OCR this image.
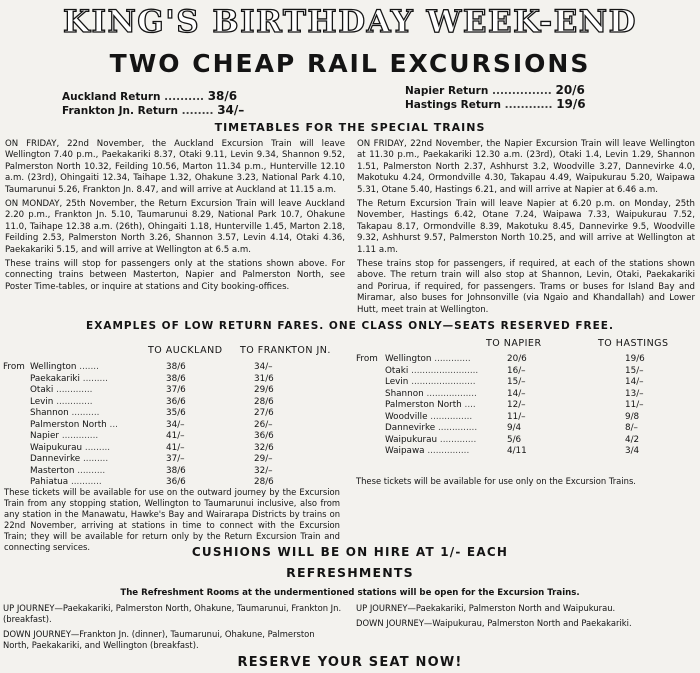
KING'S BIRTHDAY WEEK-END
TWO CHEAP RAIL EXCURSIONS
Auckland Return .......... 38/6
Frankton Jn. Return ........ 34/–
Napier Return ............... 20/6
Hastings Return ............ 19/6
TIMETABLES FOR THE SPECIAL TRAINS

ON FRIDAY, 22nd November, the Auckland Excursion Train will leave Wellington 7.40 p.m., Paekakariki 8.37, Otaki 9.11, Levin 9.34, Shannon 9.52, Palmerston North 10.32, Feilding 10.56, Marton 11.34 p.m., Hunterville 12.10 a.m. (23rd), Ohingaiti 12.34, Taihape 1.32, Ohakune 3.23, National Park 4.10, Taumarunui 5.26, Frankton Jn. 8.47, and will arrive at Auckland at 11.15 a.m.

ON MONDAY, 25th November, the Return Excursion Train will leave Auckland 2.20 p.m., Frankton Jn. 5.10, Taumarunui 8.29, National Park 10.7, Ohakune 11.0, Taihape 12.38 a.m. (26th), Ohingaiti 1.18, Hunterville 1.45, Marton 2.18, Feilding 2.53, Palmerston North 3.26, Shannon 3.57, Levin 4.14, Otaki 4.36, Paekakariki 5.15, and will arrive at Wellington at 6.5 a.m.

These trains will stop for passengers only at the stations shown above. For connecting trains between Masterton, Napier and Palmerston North, see Poster Time-tables, or inquire at stations and City booking-offices.

ON FRIDAY, 22nd November, the Napier Excursion Train will leave Wellington at 11.30 p.m., Paekakariki 12.30 a.m. (23rd), Otaki 1.4, Levin 1.29, Shannon 1.51, Palmerston North 2.37, Ashhurst 3.2, Woodville 3.27, Dannevirke 4.0, Makotuku 4.24, Ormondville 4.30, Takapau 4.49, Waipukurau 5.20, Waipawa 5.31, Otane 5.40, Hastings 6.21, and will arrive at Napier at 6.46 a.m.

The Return Excursion Train will leave Napier at 6.20 p.m. on Monday, 25th November, Hastings 6.42, Otane 7.24, Waipawa 7.33, Waipukurau 7.52, Takapau 8.17, Ormondville 8.39, Makotuku 8.45, Dannevirke 9.5, Woodville 9.32, Ashhurst 9.57, Palmerston North 10.25, and will arrive at Wellington at 1.11 a.m.

These trains stop for passengers, if required, at each of the stations shown above. The return train will also stop at Shannon, Levin, Otaki, Paekakariki and Porirua, if required, for passengers. Trams or buses for Island Bay and Miramar, also buses for Johnsonville (via Ngaio and Khandallah) and Lower Hutt, meet train at Wellington.

EXAMPLES OF LOW RETURN FARES. ONE CLASS ONLY—SEATS RESERVED FREE.
TO AUCKLAND TO FRANKTON JN.
From Wellington .......	38/6	34/–
Paekakariki .........	38/6	31/6
Otaki .............	37/6	29/6
Levin .............	36/6	28/6
Shannon ..........	35/6	27/6
Palmerston North ...	34/–	26/–
Napier .............	41/–	36/6
Waipukurau .........	41/–	32/6
Dannevirke .........	37/–	29/–
Masterton ..........	38/6	32/–
Pahiatua ...........	36/6	28/6
These tickets will be available for use on the outward journey by the Excursion Train from any stopping station, Wellington to Taumarunui inclusive, also from any station in the Manawatu, Hawke's Bay and Wairarapa Districts by trains on 22nd November, arriving at stations in time to connect with the Excursion Train; they will be available for return only by the Return Excursion Train and connecting services.
TO NAPIER	TO HASTINGS
From Wellington .............	20/6	19/6
Otaki ........................	16/–	15/–
Levin .......................	15/–	14/–
Shannon ..................	14/–	13/–
Palmerston North ....	12/–	11/–
Woodville ...............	11/–	9/8
Dannevirke ..............	9/4	8/–
Waipukurau .............	5/6	4/2
Waipawa ...............	4/11	3/4
These tickets will be available for use only on the Excursion Trains.
CUSHIONS WILL BE ON HIRE AT 1/- EACH
REFRESHMENTS
The Refreshment Rooms at the undermentioned stations will be open for the Excursion Trains.
UP JOURNEY—Paekakariki, Palmerston North, Ohakune, Taumarunui, Frankton Jn. (breakfast).
DOWN JOURNEY—Frankton Jn. (dinner), Taumarunui, Ohakune, Palmerston North, Paekakariki, and Wellington (breakfast).
UP JOURNEY—Paekakariki, Palmerston North and Waipukurau.
DOWN JOURNEY—Waipukurau, Palmerston North and Paekakariki.
RESERVE YOUR SEAT NOW!
